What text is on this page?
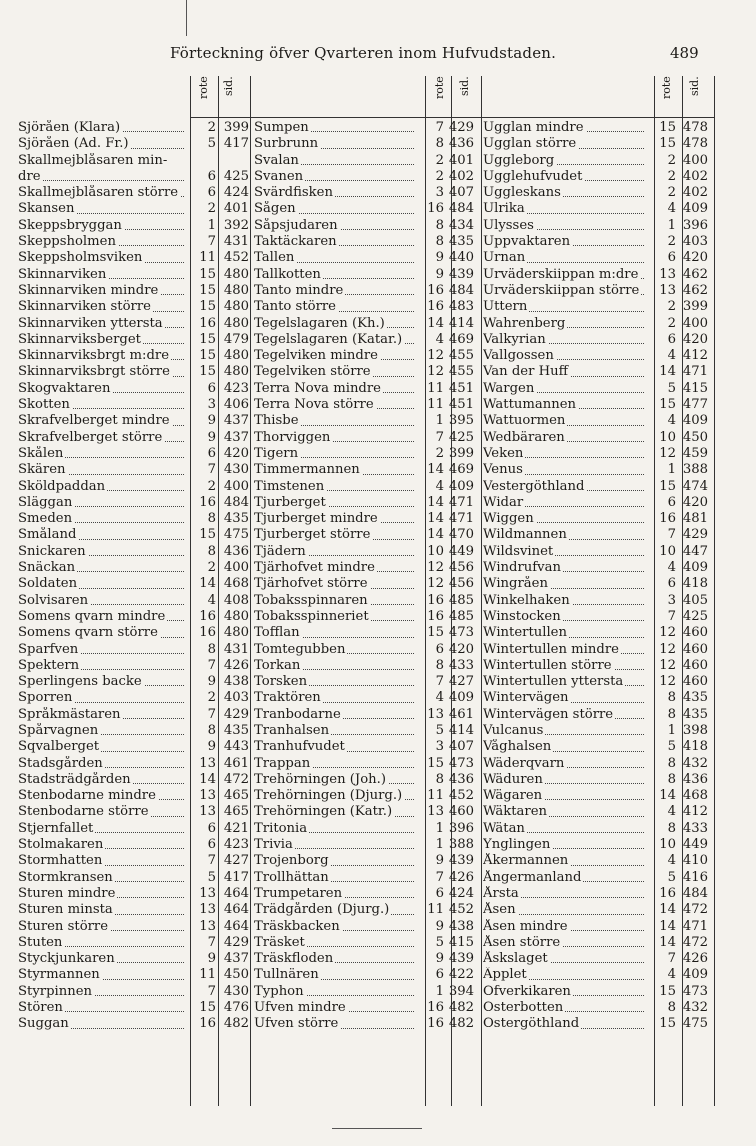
Förteckning öfver Qvarteren inom Hufvudstaden.	489
rote sid.	rote sid.	rote sid.
Sjöråen (Klara)	2 399
Sjöråen (Ad. Fr.)	5 417
Skallmejblåsaren min-
dre	6 425
Skallmejblåsaren större	6 424
Skansen	2 401
Skeppsbryggan	1 392
Skeppsholmen	7 431
Skeppsholmsviken	11 452
Skinnarviken	15 480
Skinnarviken mindre	15 480
Skinnarviken större	15 480
Skinnarviken yttersta	16 480
Skinnarviksberget	15 479
Skinnarviksbrgt m:dre	15 480
Skinnarviksbrgt större	15 480
Skogvaktaren	6 423
Skotten	3 406
Skrafvelberget mindre	9 437
Skrafvelberget större	9 437
Skålen	6 420
Skären	7 430
Sköldpaddan	2 400
Släggan	16 484
Smeden	8 435
Småland	15 475
Snickaren	8 436
Snäckan	2 400
Soldaten	14 468
Solvisaren	4 408
Somens qvarn mindre	16 480
Somens qvarn större	16 480
Sparfven	8 431
Spektern	7 426
Sperlingens backe	9 438
Sporren	2 403
Språkmästaren	7 429
Spårvagnen	8 435
Sqvalberget	9 443
Stadsgården	13 461
Stadsträdgården	14 472
Stenbodarne mindre	13 465
Stenbodarne större	13 465
Stjernfallet	6 421
Stolmakaren	6 423
Stormhatten	7 427
Stormkransen	5 417
Sturen mindre	13 464
Sturen minsta	13 464
Sturen större	13 464
Stuten	7 429
Styckjunkaren	9 437
Styrmannen	11 450
Styrpinnen	7 430
Stören	15 476
Suggan	16 482
Sumpen	7 429
Surbrunn	8 436
Svalan	2 401
Svanen	2 402
Svärdfisken	3 407
Sågen	16 484
Såpsjudaren	8 434
Taktäckaren	8 435
Tallen	9 440
Tallkotten	9 439
Tanto mindre	16 484
Tanto större	16 483
Tegelslagaren (Kh.)	14 414
Tegelslagaren (Katar.)	4 469
Tegelviken mindre	12 455
Tegelviken större	12 455
Terra Nova mindre	11 451
Terra Nova större	11 451
Thisbe	1 395
Thorviggen	7 425
Tigern	2 399
Timmermannen	14 469
Timstenen	4 409
Tjurberget	14 471
Tjurberget mindre	14 471
Tjurberget större	14 470
Tjädern	10 449
Tjärhofvet mindre	12 456
Tjärhofvet större	12 456
Tobaksspinnaren	16 485
Tobaksspinneriet	16 485
Tofflan	15 473
Tomtegubben	6 420
Torkan	8 433
Torsken	7 427
Traktören	4 409
Tranbodarne	13 461
Tranhalsen	5 414
Tranhufvudet	3 407
Trappan	15 473
Trehörningen (Joh.)	8 436
Trehörningen (Djurg.)	11 452
Trehörningen (Katr.)	13 460
Tritonia	1 396
Trivia	1 388
Trojenborg	9 439
Trollhättan	7 426
Trumpetaren	6 424
Trädgården (Djurg.)	11 452
Träskbacken	9 438
Träsket	5 415
Träskfloden	9 439
Tullnären	6 422
Typhon	1 394
Ufven mindre	16 482
Ufven större	16 482
Ugglan mindre	15 478
Ugglan större	15 478
Uggleborg	2 400
Ugglehufvudet	2 402
Uggleskans	2 402
Ulrika	4 409
Ulysses	1 396
Uppvaktaren	2 403
Urnan	6 420
Urväderskiippan m:dre	13 462
Urväderskiippan större	13 462
Uttern	2 399
Wahrenberg	2 400
Valkyrian	6 420
Vallgossen	4 412
Van der Huff	14 471
Wargen	5 415
Wattumannen	15 477
Wattuormen	4 409
Wedbäraren	10 450
Veken	12 459
Venus	1 388
Vestergöthland	15 474
Widar	6 420
Wiggen	16 481
Wildmannen	7 429
Wildsvinet	10 447
Windrufvan	4 409
Wingråen	6 418
Winkelhaken	3 405
Winstocken	7 425
Wintertullen	12 460
Wintertullen mindre	12 460
Wintertullen större	12 460
Wintertullen yttersta	12 460
Wintervägen	8 435
Wintervägen större	8 435
Vulcanus	1 398
Våghalsen	5 418
Wäderqvarn	8 432
Wäduren	8 436
Wägaren	14 468
Wäktaren	4 412
Wätan	8 433
Ynglingen	10 449
Åkermannen	4 410
Ångermanland	5 416
Årsta	16 484
Åsen	14 472
Åsen mindre	14 471
Åsen större	14 472
Åskslaget	7 426
Äpplet	4 409
Öfverkikaren	15 473
Österbotten	8 432
Östergöthland	15 475
